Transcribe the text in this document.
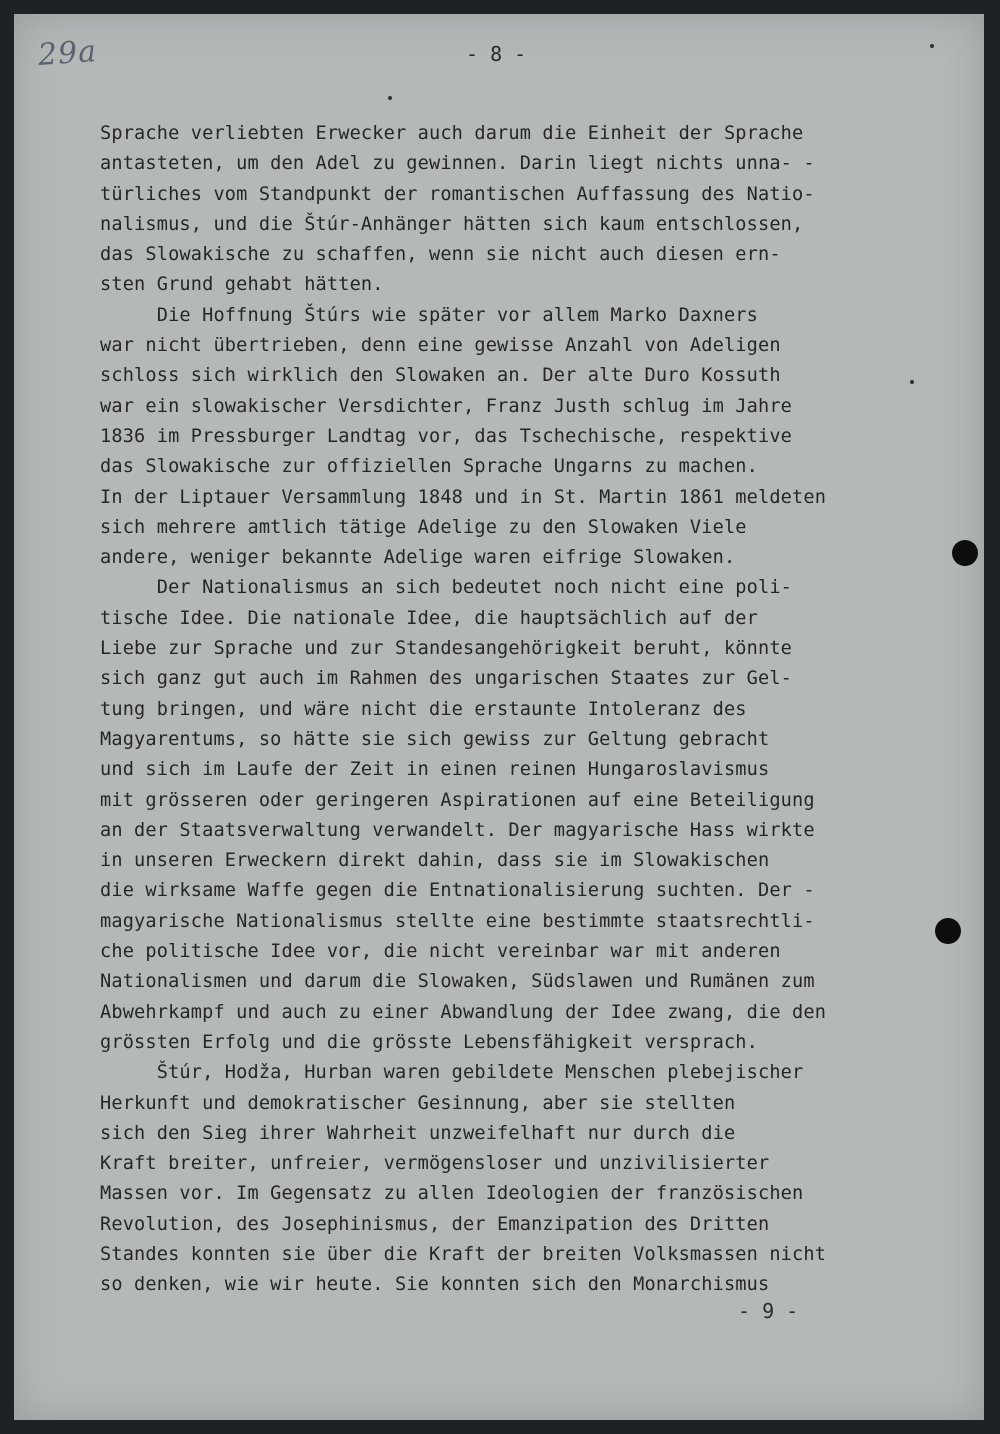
29a	- 8 -
Sprache verliebten Erwecker auch darum die Einheit der Sprache
antasteten, um den Adel zu gewinnen. Darin liegt nichts unna- -
türliches vom Standpunkt der romantischen Auffassung des Natio-
nalismus, und die Štúr-Anhänger hätten sich kaum entschlossen,
das Slowakische zu schaffen, wenn sie nicht auch diesen ern-
sten Grund gehabt hätten.
Die Hoffnung Štúrs wie später vor allem Marko Daxners
war nicht übertrieben, denn eine gewisse Anzahl von Adeligen
schloss sich wirklich den Slowaken an. Der alte Duro Kossuth
war ein slowakischer Versdichter, Franz Justh schlug im Jahre
1836 im Pressburger Landtag vor, das Tschechische, respektive
das Slowakische zur offiziellen Sprache Ungarns zu machen.
In der Liptauer Versammlung 1848 und in St. Martin 1861 meldeten
sich mehrere amtlich tätige Adelige zu den Slowaken Viele
andere, weniger bekannte Adelige waren eifrige Slowaken.
Der Nationalismus an sich bedeutet noch nicht eine poli-
tische Idee. Die nationale Idee, die hauptsächlich auf der
Liebe zur Sprache und zur Standesangehörigkeit beruht, könnte
sich ganz gut auch im Rahmen des ungarischen Staates zur Gel-
tung bringen, und wäre nicht die erstaunte Intoleranz des
Magyarentums, so hätte sie sich gewiss zur Geltung gebracht
und sich im Laufe der Zeit in einen reinen Hungaroslavismus
mit grösseren oder geringeren Aspirationen auf eine Beteiligung
an der Staatsverwaltung verwandelt. Der magyarische Hass wirkte
in unseren Erweckern direkt dahin, dass sie im Slowakischen
die wirksame Waffe gegen die Entnationalisierung suchten. Der -
magyarische Nationalismus stellte eine bestimmte staatsrechtli-
che politische Idee vor, die nicht vereinbar war mit anderen
Nationalismen und darum die Slowaken, Südslawen und Rumänen zum
Abwehrkampf und auch zu einer Abwandlung der Idee zwang, die den
grössten Erfolg und die grösste Lebensfähigkeit versprach.
Štúr, Hodža, Hurban waren gebildete Menschen plebejischer
Herkunft und demokratischer Gesinnung, aber sie stellten
sich den Sieg ihrer Wahrheit unzweifelhaft nur durch die
Kraft breiter, unfreier, vermögensloser und unzivilisierter
Massen vor. Im Gegensatz zu allen Ideologien der französischen
Revolution, des Josephinismus, der Emanzipation des Dritten
Standes konnten sie über die Kraft der breiten Volksmassen nicht
so denken, wie wir heute. Sie konnten sich den Monarchismus
- 9 -
